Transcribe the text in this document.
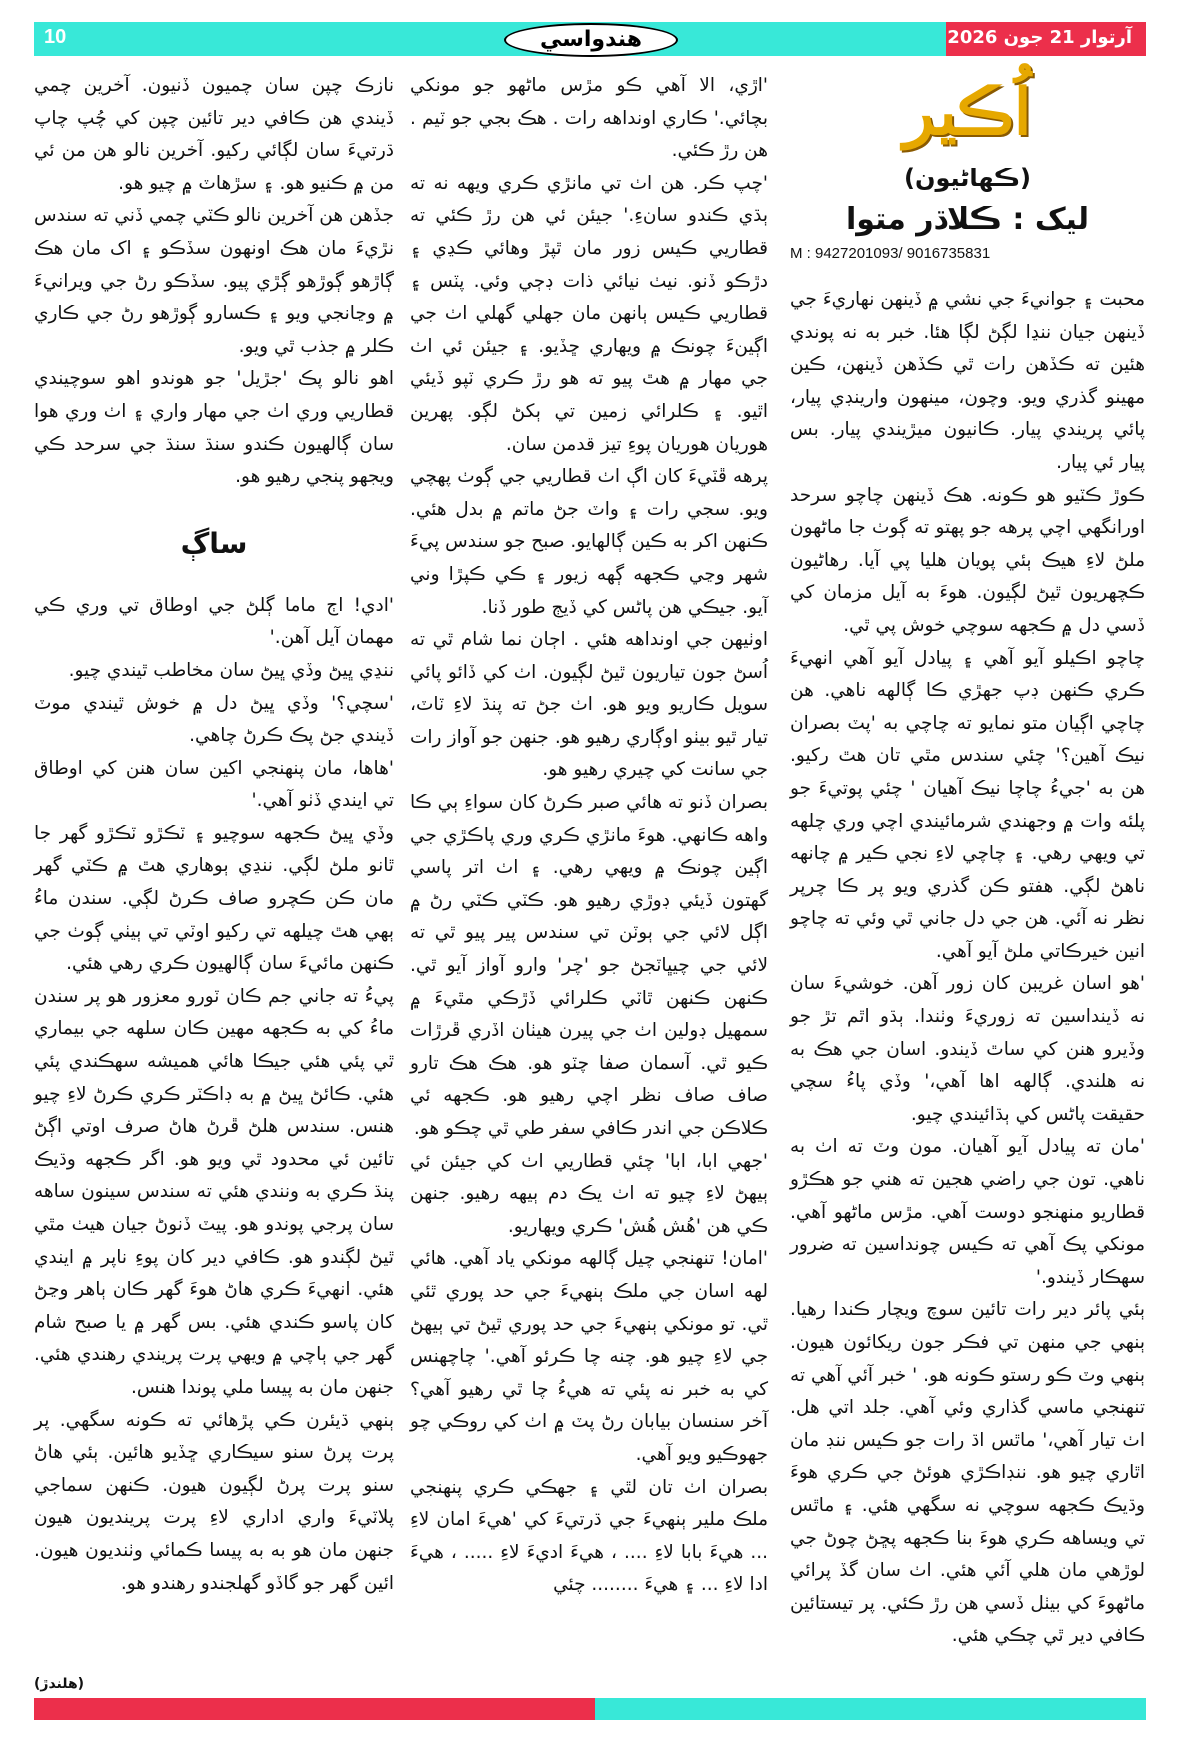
آرتوار 21 جون 2026
10	هندواسي
اُڪير
(ڪهاڻيون)
ليک : ڪلاڌر متوا
M : 9427201093/ 9016735831

محبت ۽ جوانيءَ جي نشي ۾ ڏينهن نهاريءَ جي ڏينهن جيان ننڍا لڳڻ لڳا هئا. خبر به نه پوندي هئين ته ڪڏهن رات ٿي ڪڏهن ڏينهن، ڪين مهينو گذري ويو. وچون، مينهون وارينڊي پيار، پائي پريندي پيار. ڪانيون ميڙيندي پيار. بس پيار ئي پيار.

ڪوڙ ڪٽيو هو ڪونه. هڪ ڏينهن چاچو سرحد اورانگهي اچي پرهه جو پهتو ته ڳوٺ جا ماڻهون ملڻ لاءِ هيڪ ٻئي پويان هليا پي آيا. رهاڻيون ڪچهريون ٿيڻ لڳيون. هوءَ به آيل مزمان کي ڏسي دل ۾ ڪجهه سوچي خوش پي ٿي.

چاچو اڪيلو آيو آهي ۽ پيادل آيو آهي انهيءَ ڪري ڪنهن ڊپ جهڙي ڪا ڳالهه ناهي. هن چاچي اڳيان متو نمايو ته چاچي به 'پٽ بصران نيڪ آهين؟' چئي سندس مٿي تان هٿ رکيو. هن به 'جيءُ چاچا نيڪ آهيان ' چئي پوتيءَ جو پلئه وات ۾ وجهندي شرمائيندي اچي وري چلهه تي ويهي رهي. ۽ چاچي لاءِ نجي ڪير ۾ چانهه ناهڻ لڳي. هفتو ڪن گذري ويو پر ڪا چرپر نظر نه آئي. هن جي دل جاني ٿي وئي ته چاچو انين خيرڪاتي ملڻ آيو آهي.

'هو اسان غريبن کان زور آهن. خوشيءَ سان نه ڏينداسين ته زوريءَ وٺندا. ٻڌو اٿم تڙ جو وڏيرو هنن کي ساٿ ڏيندو. اسان جي هڪ به نه هلندي. ڳالهه اها آهي،' وڏي پاءُ سچي حقيقت پاڻس کي ٻڌائيندي چيو.

'مان ته پيادل آيو آهيان. مون وٽ ته اٺ به ناهي. تون جي راضي هجين ته هني جو هڪڙو قطاريو منهنجو دوست آهي. مڙس ماڻهو آهي. مونکي پڪ آهي ته ڪيس چونداسين ته ضرور سهڪار ڏيندو.'

ٻئي پائر دير رات تائين سوچ ويچار ڪندا رهيا. ٻنهي جي منهن تي فڪر جون ريکائون هيون. ٻنهي وٽ ڪو رستو ڪونه هو. ' خبر آئي آهي ته تنهنجي ماسي گذاري وئي آهي. جلد اتي هل. اٺ تيار آهي،' ماٿس اڌ رات جو ڪيس ننڊ مان اٿاري چيو هو. ننڊاڪڙي هوئڻ جي ڪري هوءَ وڌيڪ ڪجهه سوچي نه سگهي هئي. ۽ ماٿس تي ويساهه ڪري هوءَ بنا ڪجهه پڇڻ چوڻ جي لوڙهي مان هلي آئي هئي. اٺ سان گڏ پرائي ماڻهوءَ کي بيٺل ڏسي هن رڙ ڪئي. پر تيستائين ڪافي دير ٿي چڪي هئي.

'اڙي، الا آهي ڪو مڙس ماڻهو جو مونکي بچائي.' ڪاري اونداهه رات . هڪ بجي جو ٽيم . هن رڙ ڪئي.

'چپ ڪر. هن اٺ تي مانڙي ڪري ويهه نه ته ٻڌي ڪندو سانءِ.' جيئن ئي هن رڙ ڪئي ته قطاريي ڪيس زور مان ٿپڙ وهائي ڪڍي ۽ دڙڪو ڏنو. نيٺ نيائي ذات ڊڄي وئي. پٽس ۽ قطاريي ڪيس ٻانهن مان جهلي گهلي اٺ جي اڳينءَ چونڪ ۾ ويهاري ڇڏيو. ۽ جيئن ئي اٺ جي مهار ۾ هٿ پيو ته هو رڙ ڪري ٽپو ڏيئي اٿيو. ۽ ڪلرائي زمين تي ٻکڻ لڳو. پهرين هوريان هوريان پوءِ تيز قدمن سان.

پرهه ڦٽيءَ کان اڳ اٺ قطاريي جي ڳوٺ پهچي ويو. سجي رات ۽ واٽ جڻ ماتم ۾ بدل هئي. ڪنهن اکر به ڪين ڳالهايو. صبح جو سندس پيءَ شهر وڃي ڪجهه ڳهه زيور ۽ ڪي ڪپڙا وني آيو. جيڪي هن پاڻس کي ڏيڄ طور ڏنا.

اوٺيهن جي اونداهه هئي . اڄان نما شام ٿي ته اُسڻ جون تياريون ٿيڻ لڳيون. اٺ کي ڏائو پائي سويل ڪاريو ويو هو. اٺ جڻ ته پنڌ لاءِ ٽاٽ، تيار ٿيو بيٺو اوڳاري رهيو هو. جنهن جو آواز رات جي سانت کي چيري رهيو هو.

بصران ڏنو ته هائي صبر ڪرڻ کان سواءِ ٻي ڪا واهه ڪانهي. هوءَ مانڙي ڪري وري پاڪڙي جي اڳين چونڪ ۾ ويهي رهي. ۽ اٺ اتر پاسي گهتون ڏيئي ڊوڙي رهيو هو. ڪٽي ڪٽي رڻ ۾ اڳل لائي جي ٻوٽن تي سندس پير پيو ٿي ته لائي جي چيڀاٽجڻ جو 'چر' وارو آواز آيو ٿي. ڪنهن ڪنهن ٿاٽي ڪلرائي ڏڙڪي مٿيءَ ۾ سمهيل ڊولين اٺ جي پيرن هيٺان اڏري ڦرڙات ڪيو ٿي. آسمان صفا چٽو هو. هڪ هڪ تارو صاف صاف نظر اچي رهيو هو. ڪجهه ئي ڪلاڪن جي اندر ڪافي سفر طي ٿي چڪو هو.

'جهي ابا، ابا' چئي قطاريي اٺ کي جيئن ئي ٻيهڻ لاءِ چيو ته اٺ يڪ دم ٻيهه رهيو. جنهن ڪي هن 'هُش هُش' ڪري ويهاريو.

'امان! تنهنجي چيل ڳالهه مونکي ياد آهي. هائي لهه اسان جي ملڪ ٻنهيءَ جي حد پوري ٿئي ٿي. تو مونکي ٻنهيءَ جي حد پوري ٿيڻ تي ٻيهڻ جي لاءِ چيو هو. چنه چا ڪرئو آهي.' چاچهنس کي به خبر نه پئي ته هيءُ چا ٿي رهيو آهي؟ آخر سنسان بيابان رڻ پٽ ۾ اٺ کي روڪي چو جهوڪيو ويو آهي.

بصران اٺ تان لٿي ۽ جهڪي ڪري پنهنجي ملڪ ملير ٻنهيءَ جي ڌرتيءَ کي 'هيءَ امان لاءِ ... هيءَ بابا لاءِ .... ، هيءَ اديءَ لاءِ ..... ، هيءَ ادا لاءِ ... ۽ هيءَ ........ چئي

نازڪ چپن سان چميون ڏنيون. آخرين چمي ڏيندي هن ڪافي دير تائين چپن کي چُپ چاپ ڌرتيءَ سان لڳائي رکيو. آخرين نالو هن من ئي من ۾ ڪنيو هو. ۽ سڙهاٽ ۾ چيو هو.

جڏهن هن آخرين نالو ڪٽي چمي ڏني ته سندس نڙيءَ مان هڪ اونهون سڏڪو ۽ اک مان هڪ ڳاڙهو ڳوڙهو ڳڙي پيو. سڏڪو رڻ جي ويرانيءَ ۾ وڃانجي ويو ۽ ڪسارو ڳوڙهو رڻ جي ڪاري ڪلر ۾ جذب ٿي ويو.

اهو نالو پڪ 'جڙيل' جو هوندو اهو سوچيندي قطاريي وري اٺ جي مهار واري ۽ اٺ وري هوا سان ڳالهيون ڪندو سنڌ سنڌ جي سرحد ڪي ويجهو پنجي رهيو هو.

ساڳ

'ادي! اڄ ماما ڳلڻ جي اوطاق تي وري ڪي مهمان آيل آهن.'

ننڍي ڀيڻ وڏي ڀيڻ سان مخاطب ٿيندي چيو.

'سچي؟' وڏي ڀيڻ دل ۾ خوش ٿيندي موٽ ڏيندي جڻ پڪ ڪرڻ چاهي.

'هاها، مان پنهنجي اکين سان هنن کي اوطاق تي ايندي ڏٺو آهي.'

وڏي ڀيڻ ڪجهه سوچيو ۽ ٽڪڙو ٽڪڙو گهر جا ٿانو ملڻ لڳي. ننڍي ٻوهاري هٿ ۾ ڪٽي گهر مان ڪن ڪچرو صاف ڪرڻ لڳي. سندن ماءُ ٻهي هٿ چيلهه تي رکيو اوٽي تي ٻيٺي ڳوٺ جي ڪنهن مائيءَ سان ڳالهيون ڪري رهي هئي.

پيءُ ته جاني جم ڪان ٽورو معزور هو پر سندن ماءُ کي به ڪجهه مهين ڪان سلهه جي بيماري ٿي پئي هئي جيڪا هائي هميشه سهڪندي پئي هئي. ڪائڻ ڀيڻ ۾ به ڊاڪٽر ڪري ڪرڻ لاءِ چيو هنس. سندس هلڻ ڦرڻ هاڻ صرف اوتي اڳڻ تائين ئي محدود ٿي ويو هو. اگر ڪجهه وڌيڪ پنڌ ڪري به ونندي هئي ته سندس سينون ساهه سان پرجي پوندو هو. پيٽ ڏنوڻ جيان هيٺ مٿي ٿيڻ لڳندو هو. ڪافي دير کان پوءِ ناپر ۾ ايندي هئي. انهيءَ ڪري هاڻ هوءَ گهر ڪان ٻاهر وڃڻ کان پاسو ڪندي هئي. بس گهر ۾ يا صبح شام گهر جي ٻاچي ۾ ويهي پرت پريندي رهندي هئي. جنهن مان به پيسا ملي پوندا هنس.

ٻنهي ڌيئرن ڪي پڙهائي ته ڪونه سگهي. پر پرت پرڻ سنو سيڪاري ڇڏيو هائين. ٻئي هاڻ سنو پرت پرڻ لڳيون هيون. ڪنهن سماجي پلاٽيءَ واري اداري لاءِ پرت پرينديون هيون جنهن مان هو به به پيسا ڪمائي وٺنديون هيون. ائين گهر جو گاڏو گهلجندو رهندو هو.

(هلندڙ)
